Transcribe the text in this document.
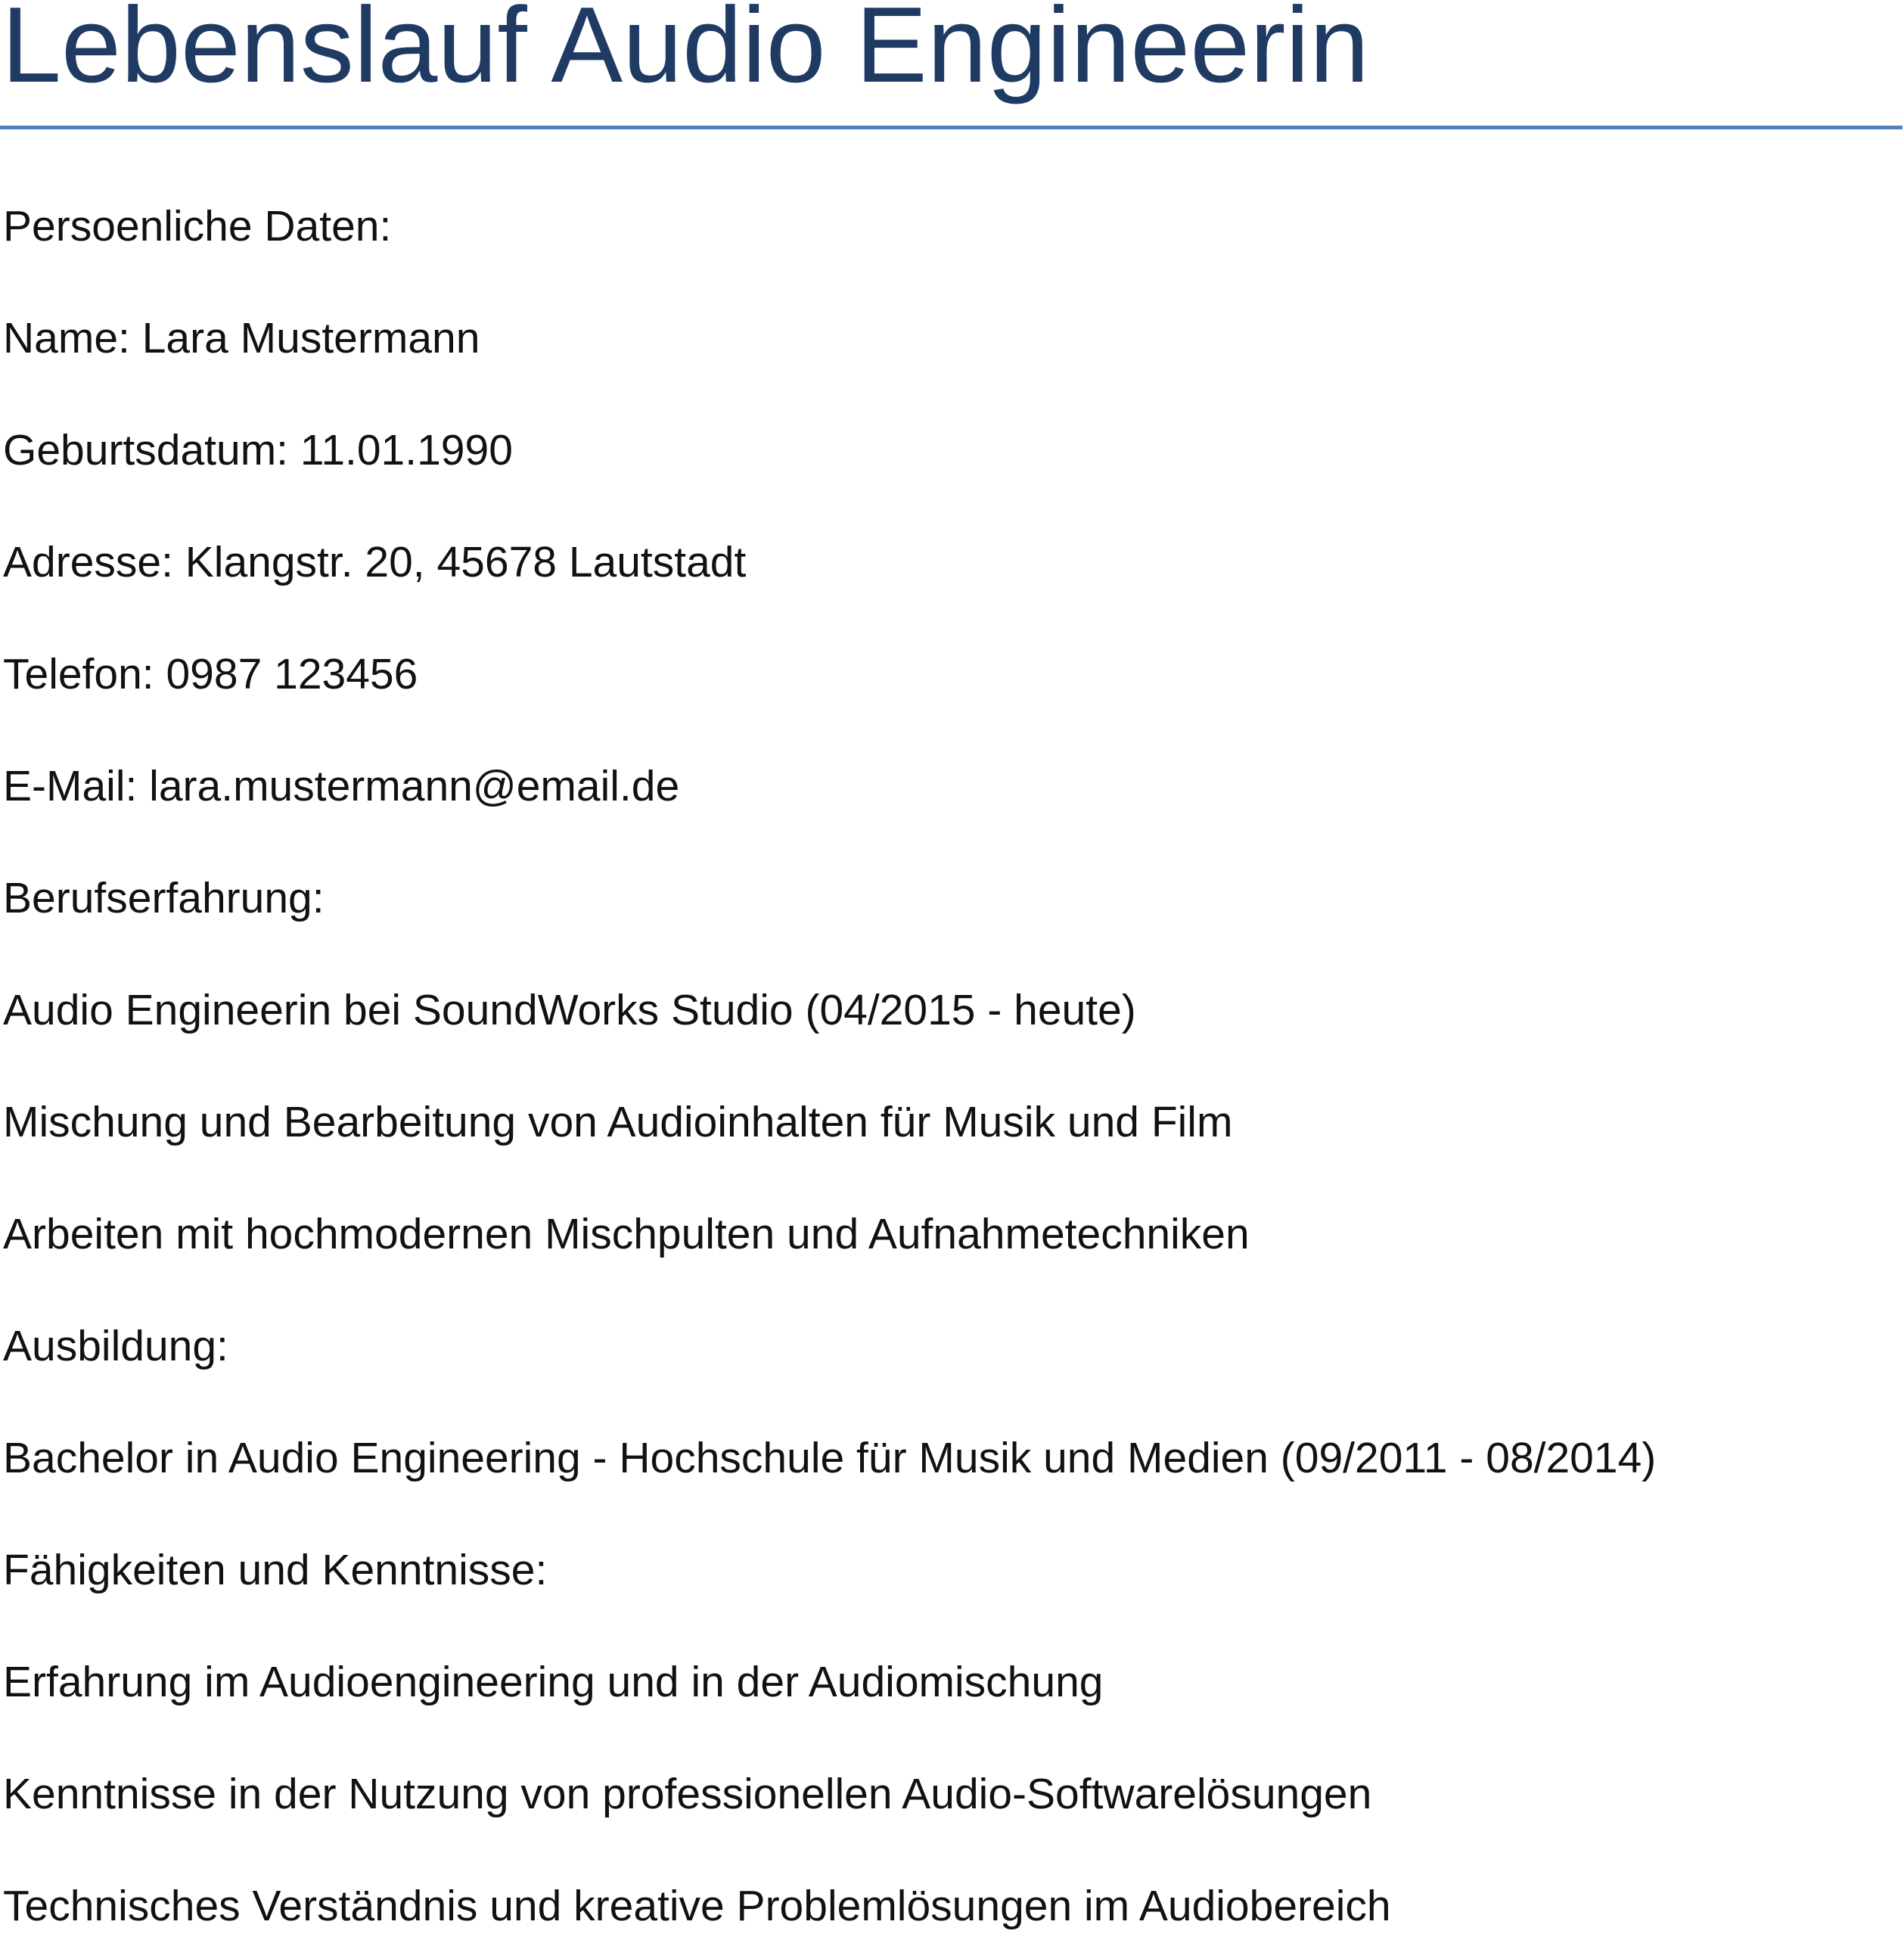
Lebenslauf Audio Engineerin

Persoenliche Daten:

Name: Lara Mustermann

Geburtsdatum: 11.01.1990

Adresse: Klangstr. 20, 45678 Lautstadt

Telefon: 0987 123456

E-Mail: lara.mustermann@email.de

Berufserfahrung:

Audio Engineerin bei SoundWorks Studio (04/2015 - heute)

Mischung und Bearbeitung von Audioinhalten für Musik und Film

Arbeiten mit hochmodernen Mischpulten und Aufnahmetechniken

Ausbildung:

Bachelor in Audio Engineering - Hochschule für Musik und Medien (09/2011 - 08/2014)

Fähigkeiten und Kenntnisse:

Erfahrung im Audioengineering und in der Audiomischung

Kenntnisse in der Nutzung von professionellen Audio-Softwarelösungen

Technisches Verständnis und kreative Problemlösungen im Audiobereich
